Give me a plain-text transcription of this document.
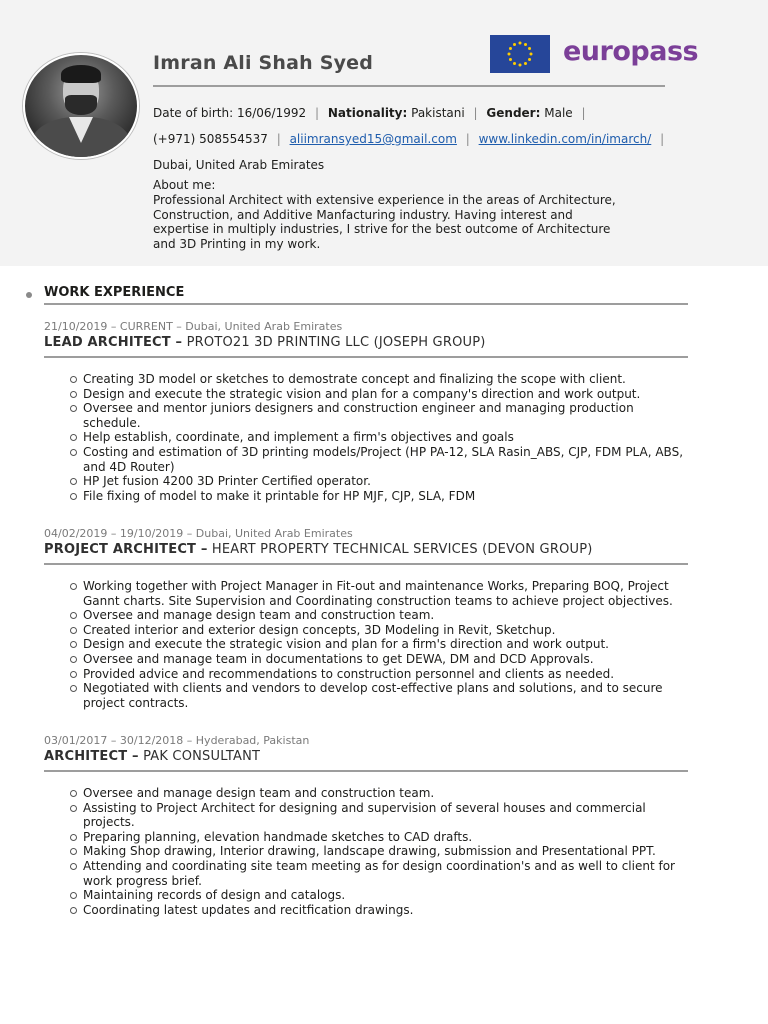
Imran Ali Shah Syed	europass
Date of birth: 16/06/1992 | Nationality: Pakistani | Gender: Male |
(+971) 508554537 | aliimransyed15@gmail.com | www.linkedin.com/in/imarch/ |
Dubai, United Arab Emirates
About me:
Professional Architect with extensive experience in the areas of Architecture, Construction, and Additive Manfacturing industry. Having interest and expertise in multiply industries, I strive for the best outcome of Architecture and 3D Printing in my work.
WORK EXPERIENCE
21/10/2019 – CURRENT – Dubai, United Arab Emirates
LEAD ARCHITECT – PROTO21 3D PRINTING LLC (JOSEPH GROUP)
Creating 3D model or sketches to demostrate concept and finalizing the scope with client.
Design and execute the strategic vision and plan for a company's direction and work output.
Oversee and mentor juniors designers and construction engineer and managing production schedule.
Help establish, coordinate, and implement a firm's objectives and goals
Costing and estimation of 3D printing models/Project (HP PA-12, SLA Rasin_ABS, CJP, FDM PLA, ABS, and 4D Router)
HP Jet fusion 4200 3D Printer Certified operator.
File fixing of model to make it printable for HP MJF, CJP, SLA, FDM
04/02/2019 – 19/10/2019 – Dubai, United Arab Emirates
PROJECT ARCHITECT – HEART PROPERTY TECHNICAL SERVICES (DEVON GROUP)
Working together with Project Manager in Fit-out and maintenance Works, Preparing BOQ, Project Gannt charts. Site Supervision and Coordinating construction teams to achieve project objectives.
Oversee and manage design team and construction team.
Created interior and exterior design concepts, 3D Modeling in Revit, Sketchup.
Design and execute the strategic vision and plan for a firm's direction and work output.
Oversee and manage team in documentations to get DEWA, DM and DCD Approvals.
Provided advice and recommendations to construction personnel and clients as needed.
Negotiated with clients and vendors to develop cost-effective plans and solutions, and to secure project contracts.
03/01/2017 – 30/12/2018 – Hyderabad, Pakistan
ARCHITECT – PAK CONSULTANT
Oversee and manage design team and construction team.
Assisting to Project Architect for designing and supervision of several houses and commercial projects.
Preparing planning, elevation handmade sketches to CAD drafts.
Making Shop drawing, Interior drawing, landscape drawing, submission and Presentational PPT.
Attending and coordinating site team meeting as for design coordination's and as well to client for work progress brief.
Maintaining records of design and catalogs.
Coordinating latest updates and recitfication drawings.
